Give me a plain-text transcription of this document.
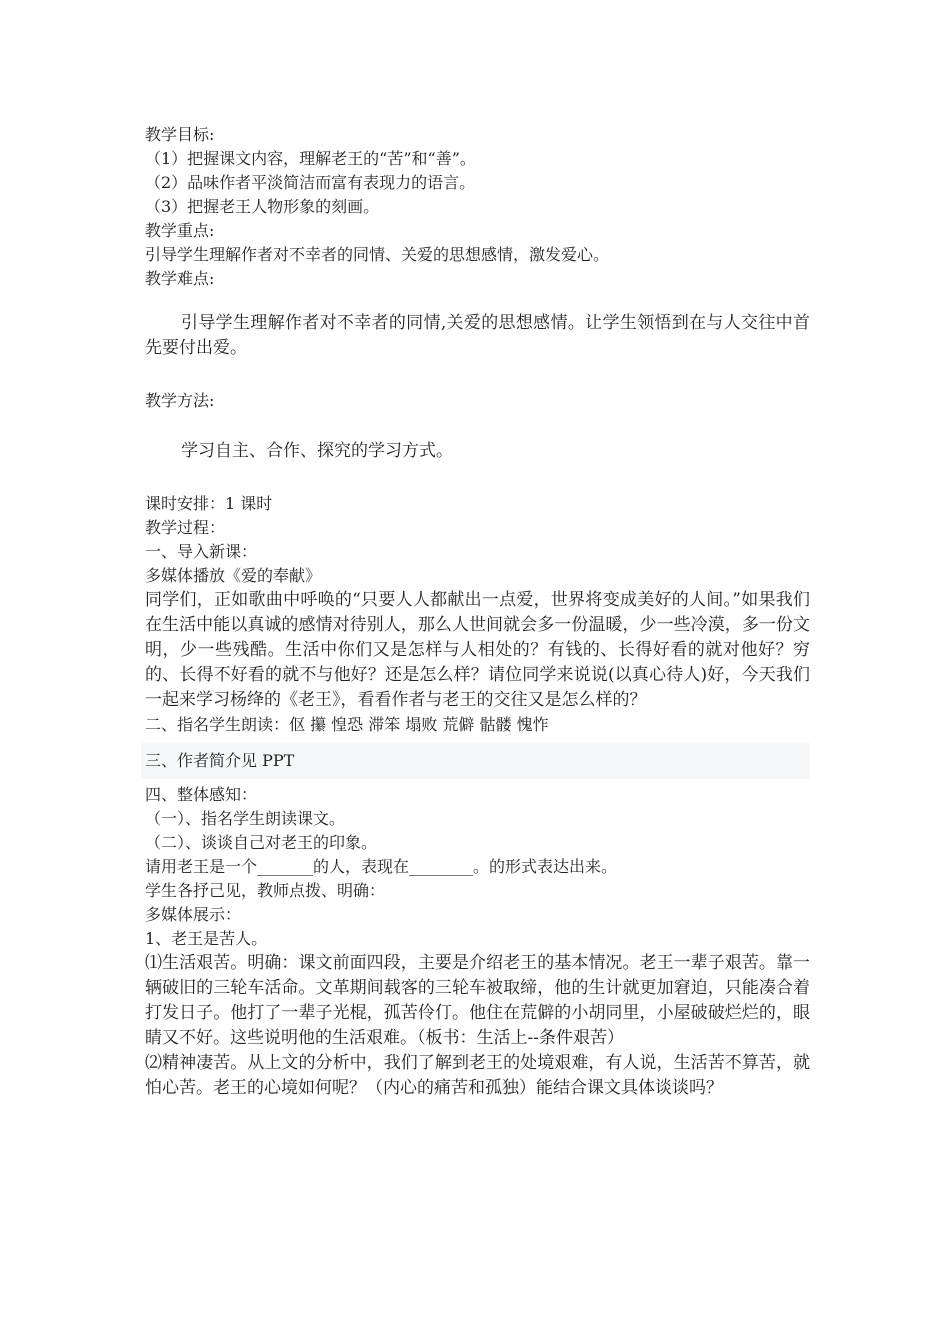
教学目标:

（1）把握课文内容，理解老王的“苦”和“善”。

（2）品味作者平淡简洁而富有表现力的语言。

（3）把握老王人物形象的刻画。

教学重点:

引导学生理解作者对不幸者的同情、关爱的思想感情，激发爱心。

教学难点:

引导学生理解作者对不幸者的同情,关爱的思想感情。让学生领悟到在与人交往中首先要付出爱。

教学方法:

学习自主、合作、探究的学习方式。

课时安排：1 课时

教学过程：

一、导入新课：

多媒体播放《爱的奉献》

同学们，正如歌曲中呼唤的“只要人人都献出一点爱，世界将变成美好的人间。”如果我们在生活中能以真诚的感情对待别人，那么人世间就会多一份温暖，少一些冷漠，多一份文明，少一些残酷。生活中你们又是怎样与人相处的？有钱的、长得好看的就对他好？穷的、长得不好看的就不与他好？还是怎么样？请位同学来说说(以真心待人)好，今天我们一起来学习杨绛的《老王》，看看作者与老王的交往又是怎么样的？

二、指名学生朗读：伛 攥 惶恐 滞笨 塌败 荒僻 骷髅 愧怍

三、作者简介见 PPT

四、整体感知：

（一）、指名学生朗读课文。

（二）、谈谈自己对老王的印象。

请用老王是一个_______的人，表现在________。的形式表达出来。

学生各抒己见，教师点拨、明确：

多媒体展示：

1、老王是苦人。

⑴生活艰苦。明确：课文前面四段，主要是介绍老王的基本情况。老王一辈子艰苦。靠一辆破旧的三轮车活命。文革期间载客的三轮车被取缔，他的生计就更加窘迫，只能凑合着打发日子。他打了一辈子光棍，孤苦伶仃。他住在荒僻的小胡同里，小屋破破烂烂的，眼睛又不好。这些说明他的生活艰难。（板书：生活上--条件艰苦）

⑵精神凄苦。从上文的分析中，我们了解到老王的处境艰难，有人说，生活苦不算苦，就怕心苦。老王的心境如何呢？（内心的痛苦和孤独）能结合课文具体谈谈吗？
